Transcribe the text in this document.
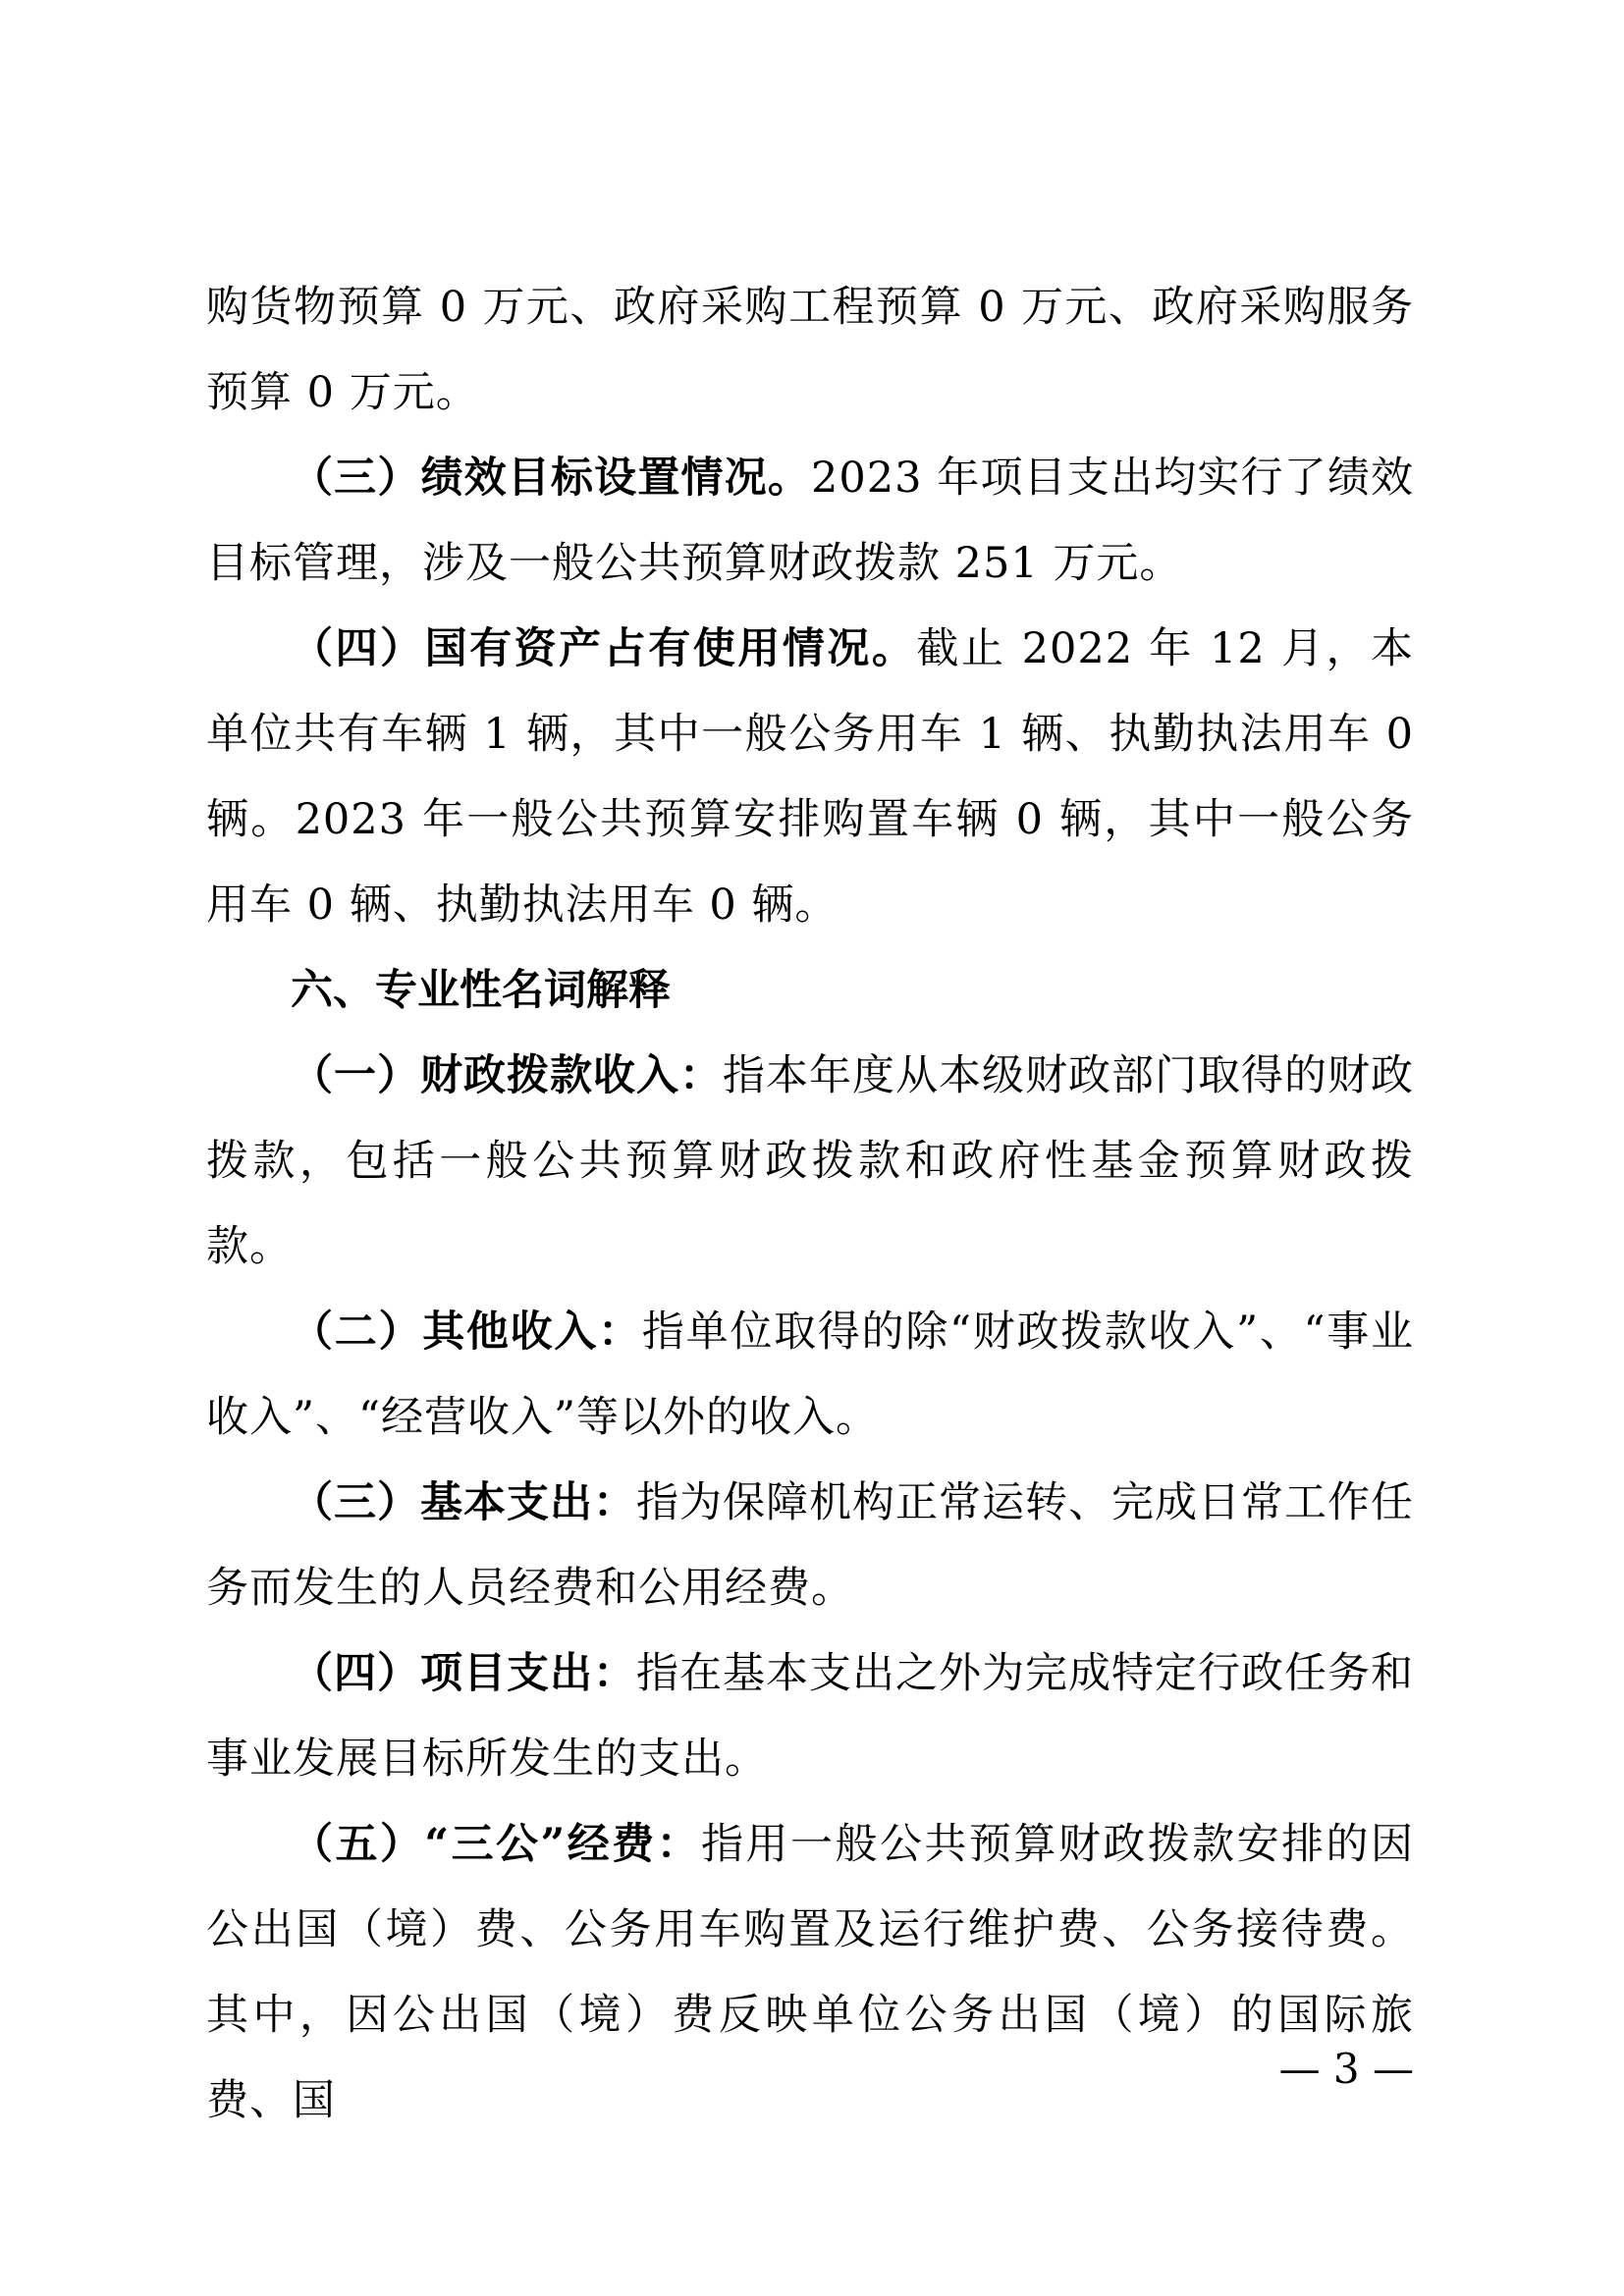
购货物预算 0 万元、政府采购工程预算 0 万元、政府采购服务预算 0 万元。

（三）绩效目标设置情况。2023 年项目支出均实行了绩效目标管理，涉及一般公共预算财政拨款 251 万元。

（四）国有资产占有使用情况。截止 2022 年 12 月，本单位共有车辆 1 辆，其中一般公务用车 1 辆、执勤执法用车 0 辆。2023 年一般公共预算安排购置车辆 0 辆，其中一般公务用车 0 辆、执勤执法用车 0 辆。

六、专业性名词解释

（一）财政拨款收入：指本年度从本级财政部门取得的财政拨款，包括一般公共预算财政拨款和政府性基金预算财政拨款。

（二）其他收入：指单位取得的除“财政拨款收入”、“事业收入”、“经营收入”等以外的收入。

（三）基本支出：指为保障机构正常运转、完成日常工作任务而发生的人员经费和公用经费。

（四）项目支出：指在基本支出之外为完成特定行政任务和事业发展目标所发生的支出。

（五）“三公”经费：指用一般公共预算财政拨款安排的因公出国（境）费、公务用车购置及运行维护费、公务接待费。其中，因公出国（境）费反映单位公务出国（境）的国际旅费、国

— 3 —
